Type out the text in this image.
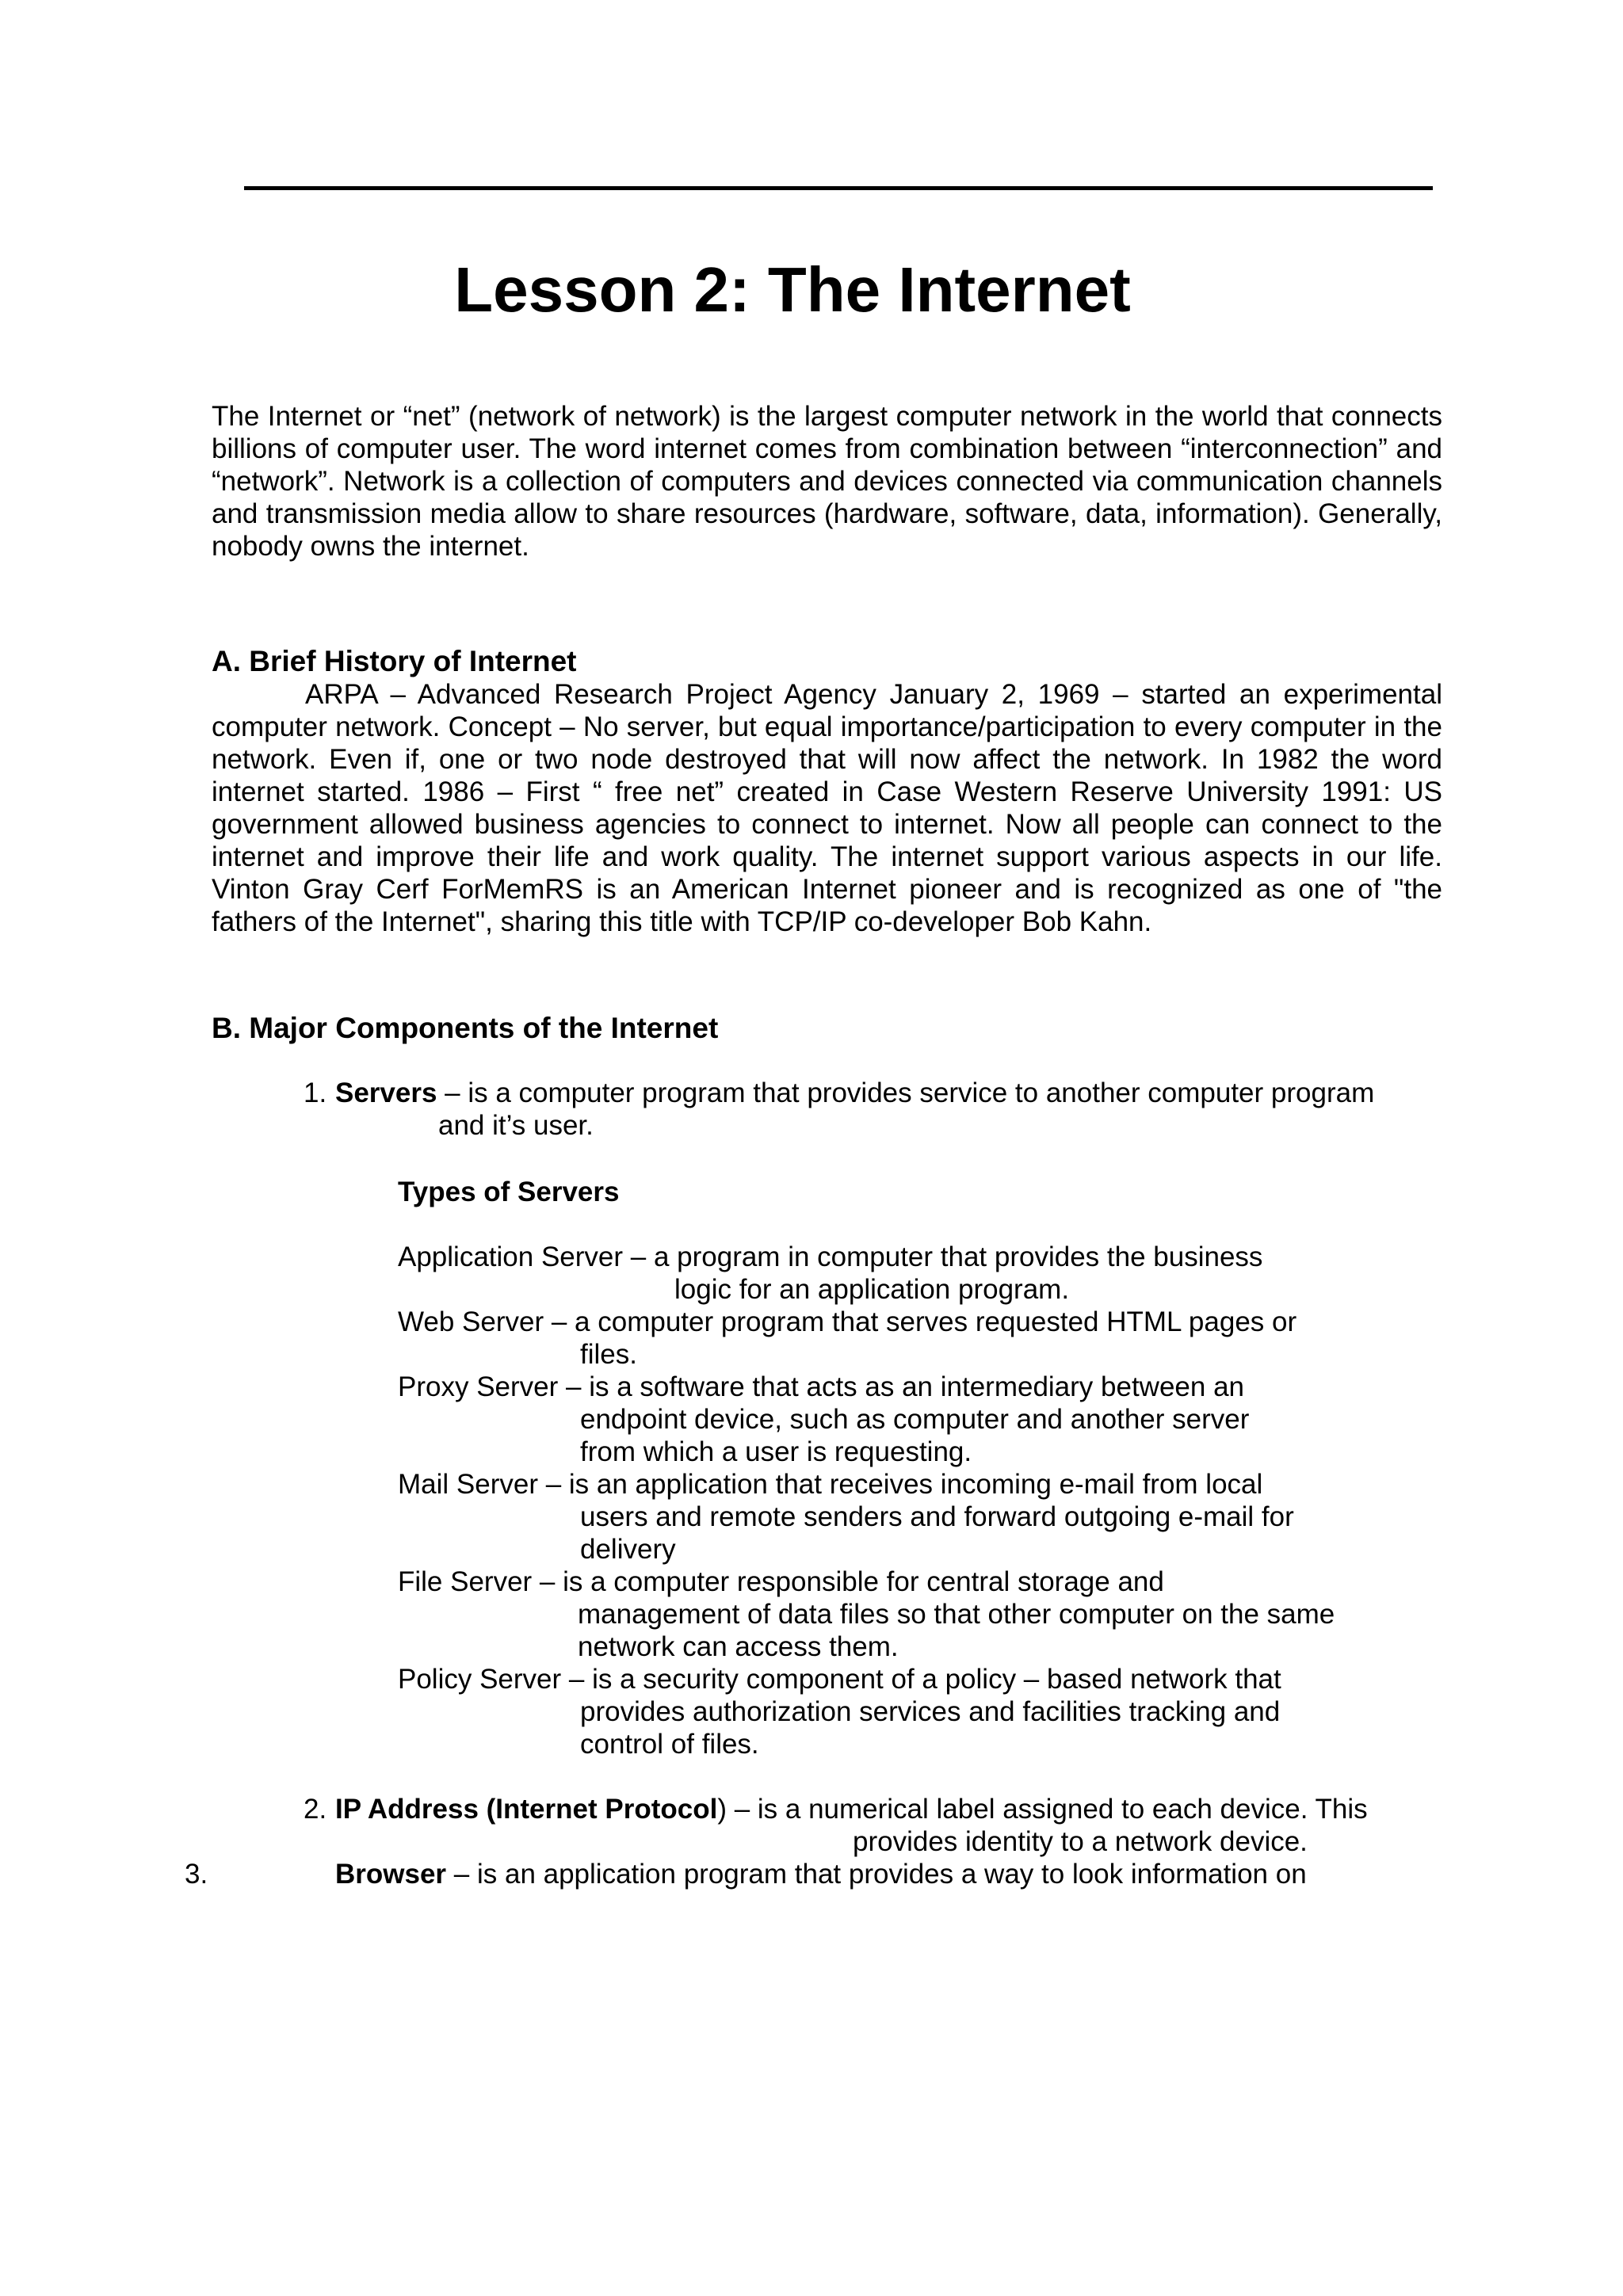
Lesson 2: The Internet

The Internet or “net” (network of network) is the largest computer network in the world that connects billions of computer user. The word internet comes from combination between “interconnection” and “network”. Network is a collection of computers and devices connected via communication channels and transmission media allow to share resources (hardware, software, data, information). Generally, nobody owns the internet.

A. Brief History of Internet

ARPA – Advanced Research Project Agency January 2, 1969 – started an experimental computer network. Concept – No server, but equal importance/participation to every computer in the network. Even if, one or two node destroyed that will now affect the network. In 1982 the word internet started. 1986 – First “ free net” created in Case Western Reserve University 1991: US government allowed business agencies to connect to internet. Now all people can connect to the internet and improve their life and work quality. The internet support various aspects in our life. Vinton Gray Cerf ForMemRS is an American Internet pioneer and is recognized as one of "the fathers of the Internet", sharing this title with TCP/IP co-developer Bob Kahn.

B. Major Components of the Internet
1. Servers – is a computer program that provides service to another computer program
and it’s user.
Types of Servers
Application Server – a program in computer that provides the business
logic for an application program.
Web Server – a computer program that serves requested HTML pages or
files.
Proxy Server – is a software that acts as an intermediary between an
endpoint device, such as computer and another server
from which a user is requesting.
Mail Server – is an application that receives incoming e-mail from local
users and remote senders and forward outgoing e-mail for
delivery
File Server – is a computer responsible for central storage and
management of data files so that other computer on the same
network can access them.
Policy Server – is a security component of a policy – based network that
provides authorization services and facilities tracking and
control of files.
2. IP Address (Internet Protocol) – is a numerical label assigned to each device. This
provides identity to a network device.
3.	Browser – is an application program that provides a way to look information on
